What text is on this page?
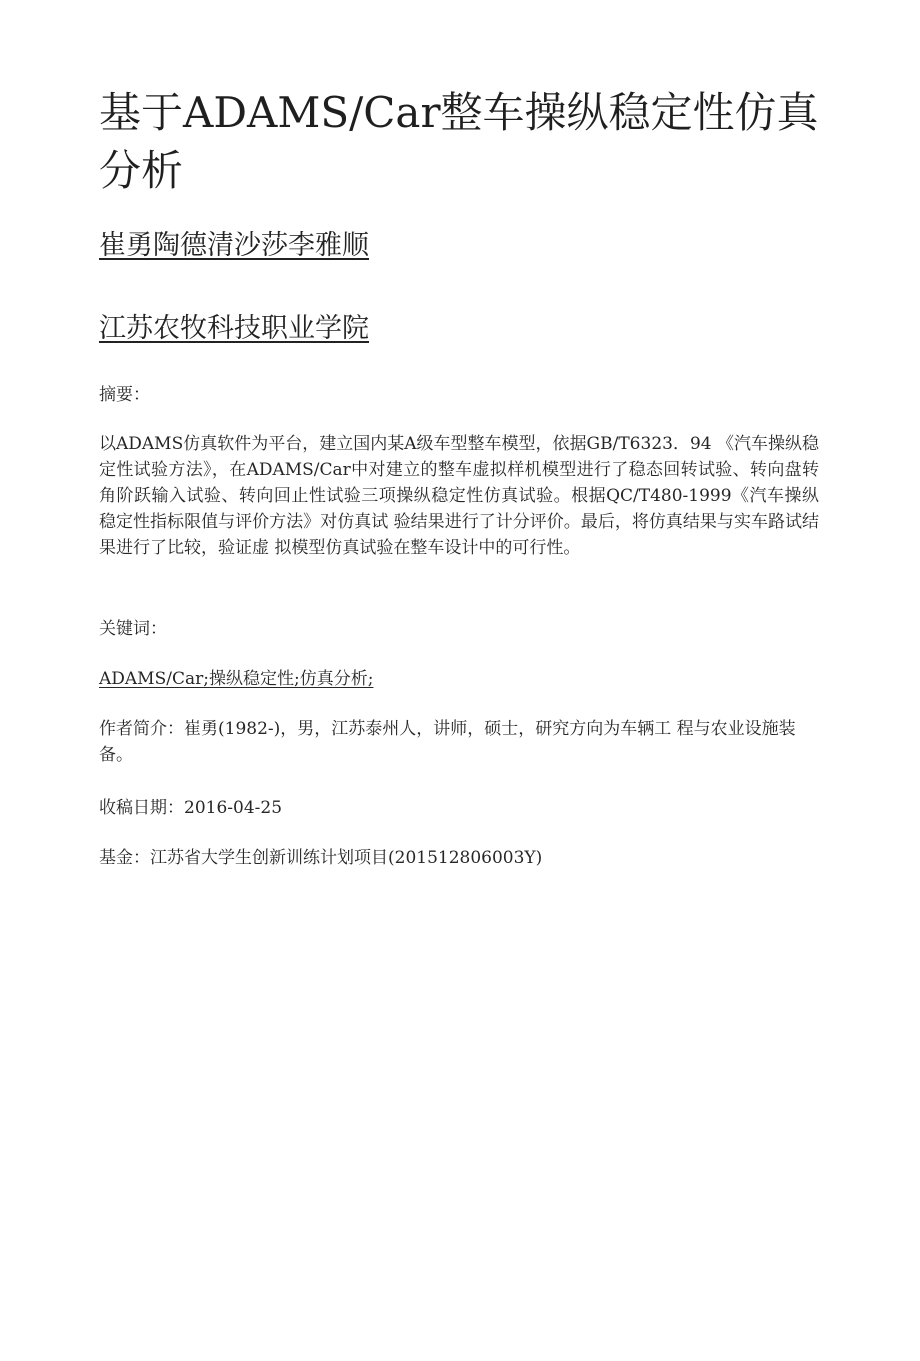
基于ADAMS/Car整车操纵稳定性仿真分析
崔勇陶德清沙莎李雅顺
江苏农牧科技职业学院

摘要：

以ADAMS仿真软件为平台，建立国内某A级车型整车模型，依据GB/T6323．94 《汽车操纵稳定性试验方法》，在ADAMS/Car中对建立的整车虚拟样机模型进行了稳态回转试验、转向盘转角阶跃输入试验、转向回止性试验三项操纵稳定性仿真试验。根据QC/T480-1999《汽车操纵稳定性指标限值与评价方法》对仿真试 验结果进行了计分评价。最后，将仿真结果与实车路试结果进行了比较，验证虚 拟模型仿真试验在整车设计中的可行性。

关键词：

ADAMS/Car;操纵稳定性;仿真分析;

作者简介：崔勇(1982-)，男，江苏泰州人，讲师，硕士，研究方向为车辆工 程与农业设施装备。

收稿日期：2016-04-25

基金：江苏省大学生创新训练计划项目(201512806003Y)
